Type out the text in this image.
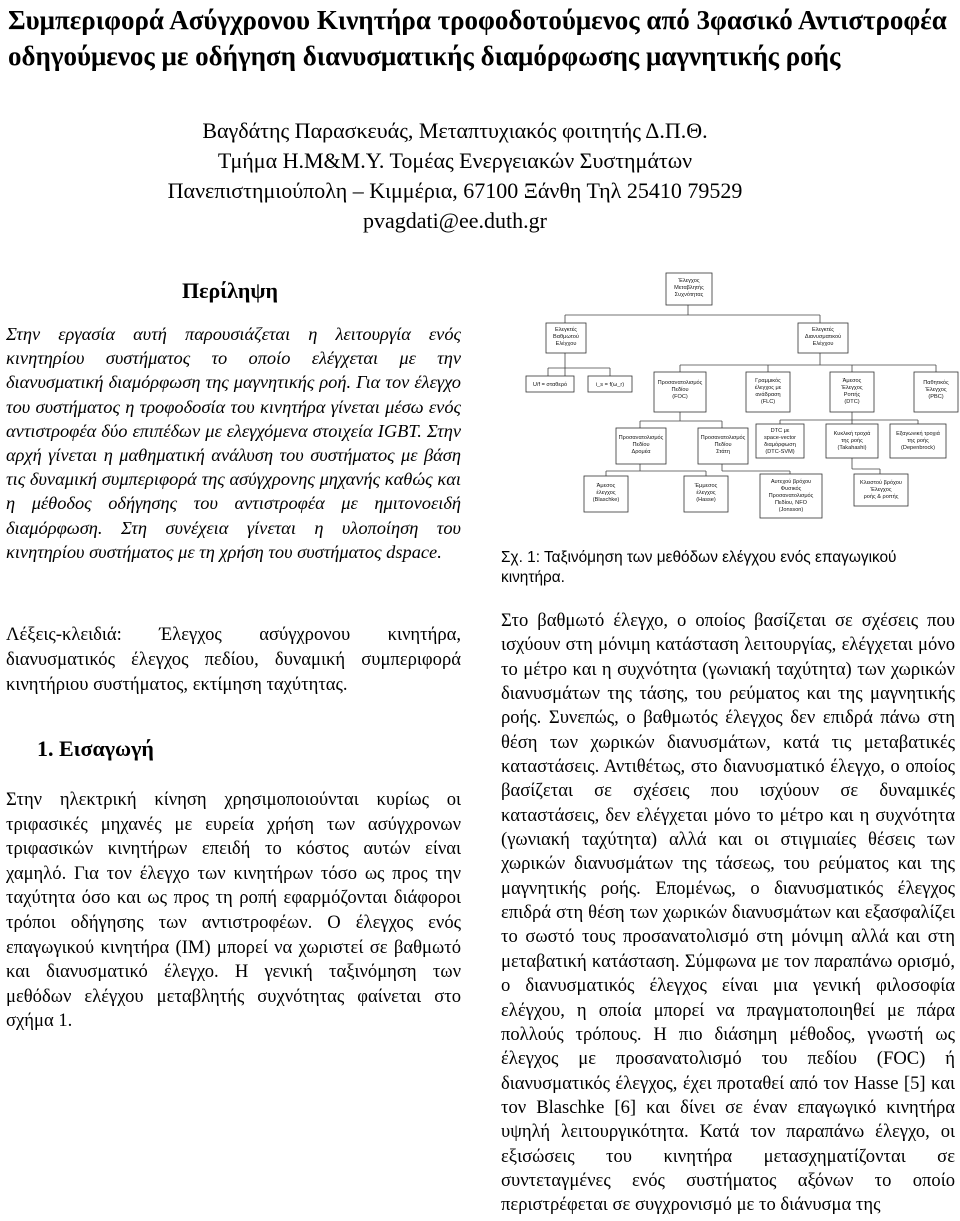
Συμπεριφορά Ασύγχρονου Κινητήρα τροφοδοτούμενος από 3φασικό Αντιστροφέα
οδηγούμενος με οδήγηση διανυσματικής διαμόρφωσης μαγνητικής ροής
Βαγδάτης Παρασκευάς, Μεταπτυχιακός φοιτητής Δ.Π.Θ.
Τμήμα Η.Μ&Μ.Υ. Τομέας Ενεργειακών Συστημάτων
Πανεπιστημιούπολη – Κιμμέρια, 67100 Ξάνθη Τηλ 25410 79529
pvagdati@ee.duth.gr
Περίληψη
Στην εργασία αυτή παρουσιάζεται η λειτουργία ενός κινητηρίου συστήματος το οποίο ελέγχεται με την διανυσματική διαμόρφωση της μαγνητικής ροή. Για τον έλεγχο του συστήματος η τροφοδοσία του κινητήρα γίνεται μέσω ενός αντιστροφέα δύο επιπέδων με ελεγχόμενα στοιχεία IGBT. Στην αρχή γίνεται η μαθηματική ανάλυση του συστήματος με βάση τις δυναμική συμπεριφορά της ασύγχρονης μηχανής καθώς και η μέθοδος οδήγησης του αντιστροφέα με ημιτονοειδή διαμόρφωση. Στη συνέχεια γίνεται η υλοποίηση του κινητηρίου συστήματος με τη χρήση του συστήματος dspace.
Λέξεις-κλειδιά: Έλεγχος ασύγχρονου κινητήρα, διανυσματικός έλεγχος πεδίου, δυναμική συμπεριφορά κινητήριου συστήματος, εκτίμηση ταχύτητας.
1. Εισαγωγή
Στην ηλεκτρική κίνηση χρησιμοποιούνται κυρίως οι τριφασικές μηχανές με ευρεία χρήση των ασύγχρονων τριφασικών κινητήρων επειδή το κόστος αυτών είναι χαμηλό. Για τον έλεγχο των κινητήρων τόσο ως προς την ταχύτητα όσο και ως προς τη ροπή εφαρμόζονται διάφοροι τρόποι οδήγησης των αντιστροφέων. Ο έλεγχος ενός επαγωγικού κινητήρα (IM) μπορεί να χωριστεί σε βαθμωτό και διανυσματικό έλεγχο. Η γενική ταξινόμηση των μεθόδων ελέγχου μεταβλητής συχνότητας φαίνεται στο σχήμα 1.
Έλεγχος
Μεταβλητής
Συχνότητας
Ελεγκτές
Βαθμωτού
Ελέγχου
Ελεγκτές
Διανυσματικού
Ελέγχου
U/f = σταθερό	i_s = f(ω_r)	Προσανατολισμός
Πεδίου
(FOC)
Γραμμικός
έλεγχος με
ανάδραση
(FLC)
Άμεσος
Έλεγχος
Ροπής
(DTC)
Παθητικός
Έλεγχος
(PBC)
Προσανατολισμός
Πεδίου
Δρομέα
Προσανατολισμός
Πεδίου
Στάτη
DTC με
space-vector
διαμόρφωση
(DTC-SVM)
Κυκλική τροχιά
της ροής
(Takahashi)
Εξαγωνική τροχιά
της ροής
(Depenbrock)
Άμεσος
έλεγχος
(Blaschke)
Έμμεσος
έλεγχος
(Hasse)
Αυτεχού βρόχου
Φυσικός
Προσανατολισμός
Πεδίου, NFO
(Jonsson)
Κλειστού βρόχου
Έλεγχος
ροής & ροπής
Σχ. 1: Ταξινόμηση των μεθόδων ελέγχου ενός επαγωγικού κινητήρα.
Στο βαθμωτό έλεγχο, ο οποίος βασίζεται σε σχέσεις που ισχύουν στη μόνιμη κατάσταση λειτουργίας, ελέγχεται μόνο το μέτρο και η συχνότητα (γωνιακή ταχύτητα) των χωρικών διανυσμάτων της τάσης, του ρεύματος και της μαγνητικής ροής. Συνεπώς, ο βαθμωτός έλεγχος δεν επιδρά πάνω στη θέση των χωρικών διανυσμάτων, κατά τις μεταβατικές καταστάσεις. Αντιθέτως, στο διανυσματικό έλεγχο, ο οποίος βασίζεται σε σχέσεις που ισχύουν σε δυναμικές καταστάσεις, δεν ελέγχεται μόνο το μέτρο και η συχνότητα (γωνιακή ταχύτητα) αλλά και οι στιγμιαίες θέσεις των χωρικών διανυσμάτων της τάσεως, του ρεύματος και της μαγνητικής ροής. Επομένως, ο διανυσματικός έλεγχος επιδρά στη θέση των χωρικών διανυσμάτων και εξασφαλίζει το σωστό τους προσανατολισμό στη μόνιμη αλλά και στη μεταβατική κατάσταση. Σύμφωνα με τον παραπάνω ορισμό, ο διανυσματικός έλεγχος είναι μια γενική φιλοσοφία ελέγχου, η οποία μπορεί να πραγματοποιηθεί με πάρα πολλούς τρόπους. Η πιο διάσημη μέθοδος, γνωστή ως έλεγχος με προσανατολισμό του πεδίου (FOC) ή διανυσματικός έλεγχος, έχει προταθεί από τον Hasse [5] και τον Blaschke [6] και δίνει σε έναν επαγωγικό κινητήρα υψηλή λειτουργικότητα. Κατά τον παραπάνω έλεγχο, οι εξισώσεις του κινητήρα μετασχηματίζονται σε συντεταγμένες ενός συστήματος αξόνων το οποίο περιστρέφεται σε συγχρονισμό με το διάνυσμα της
